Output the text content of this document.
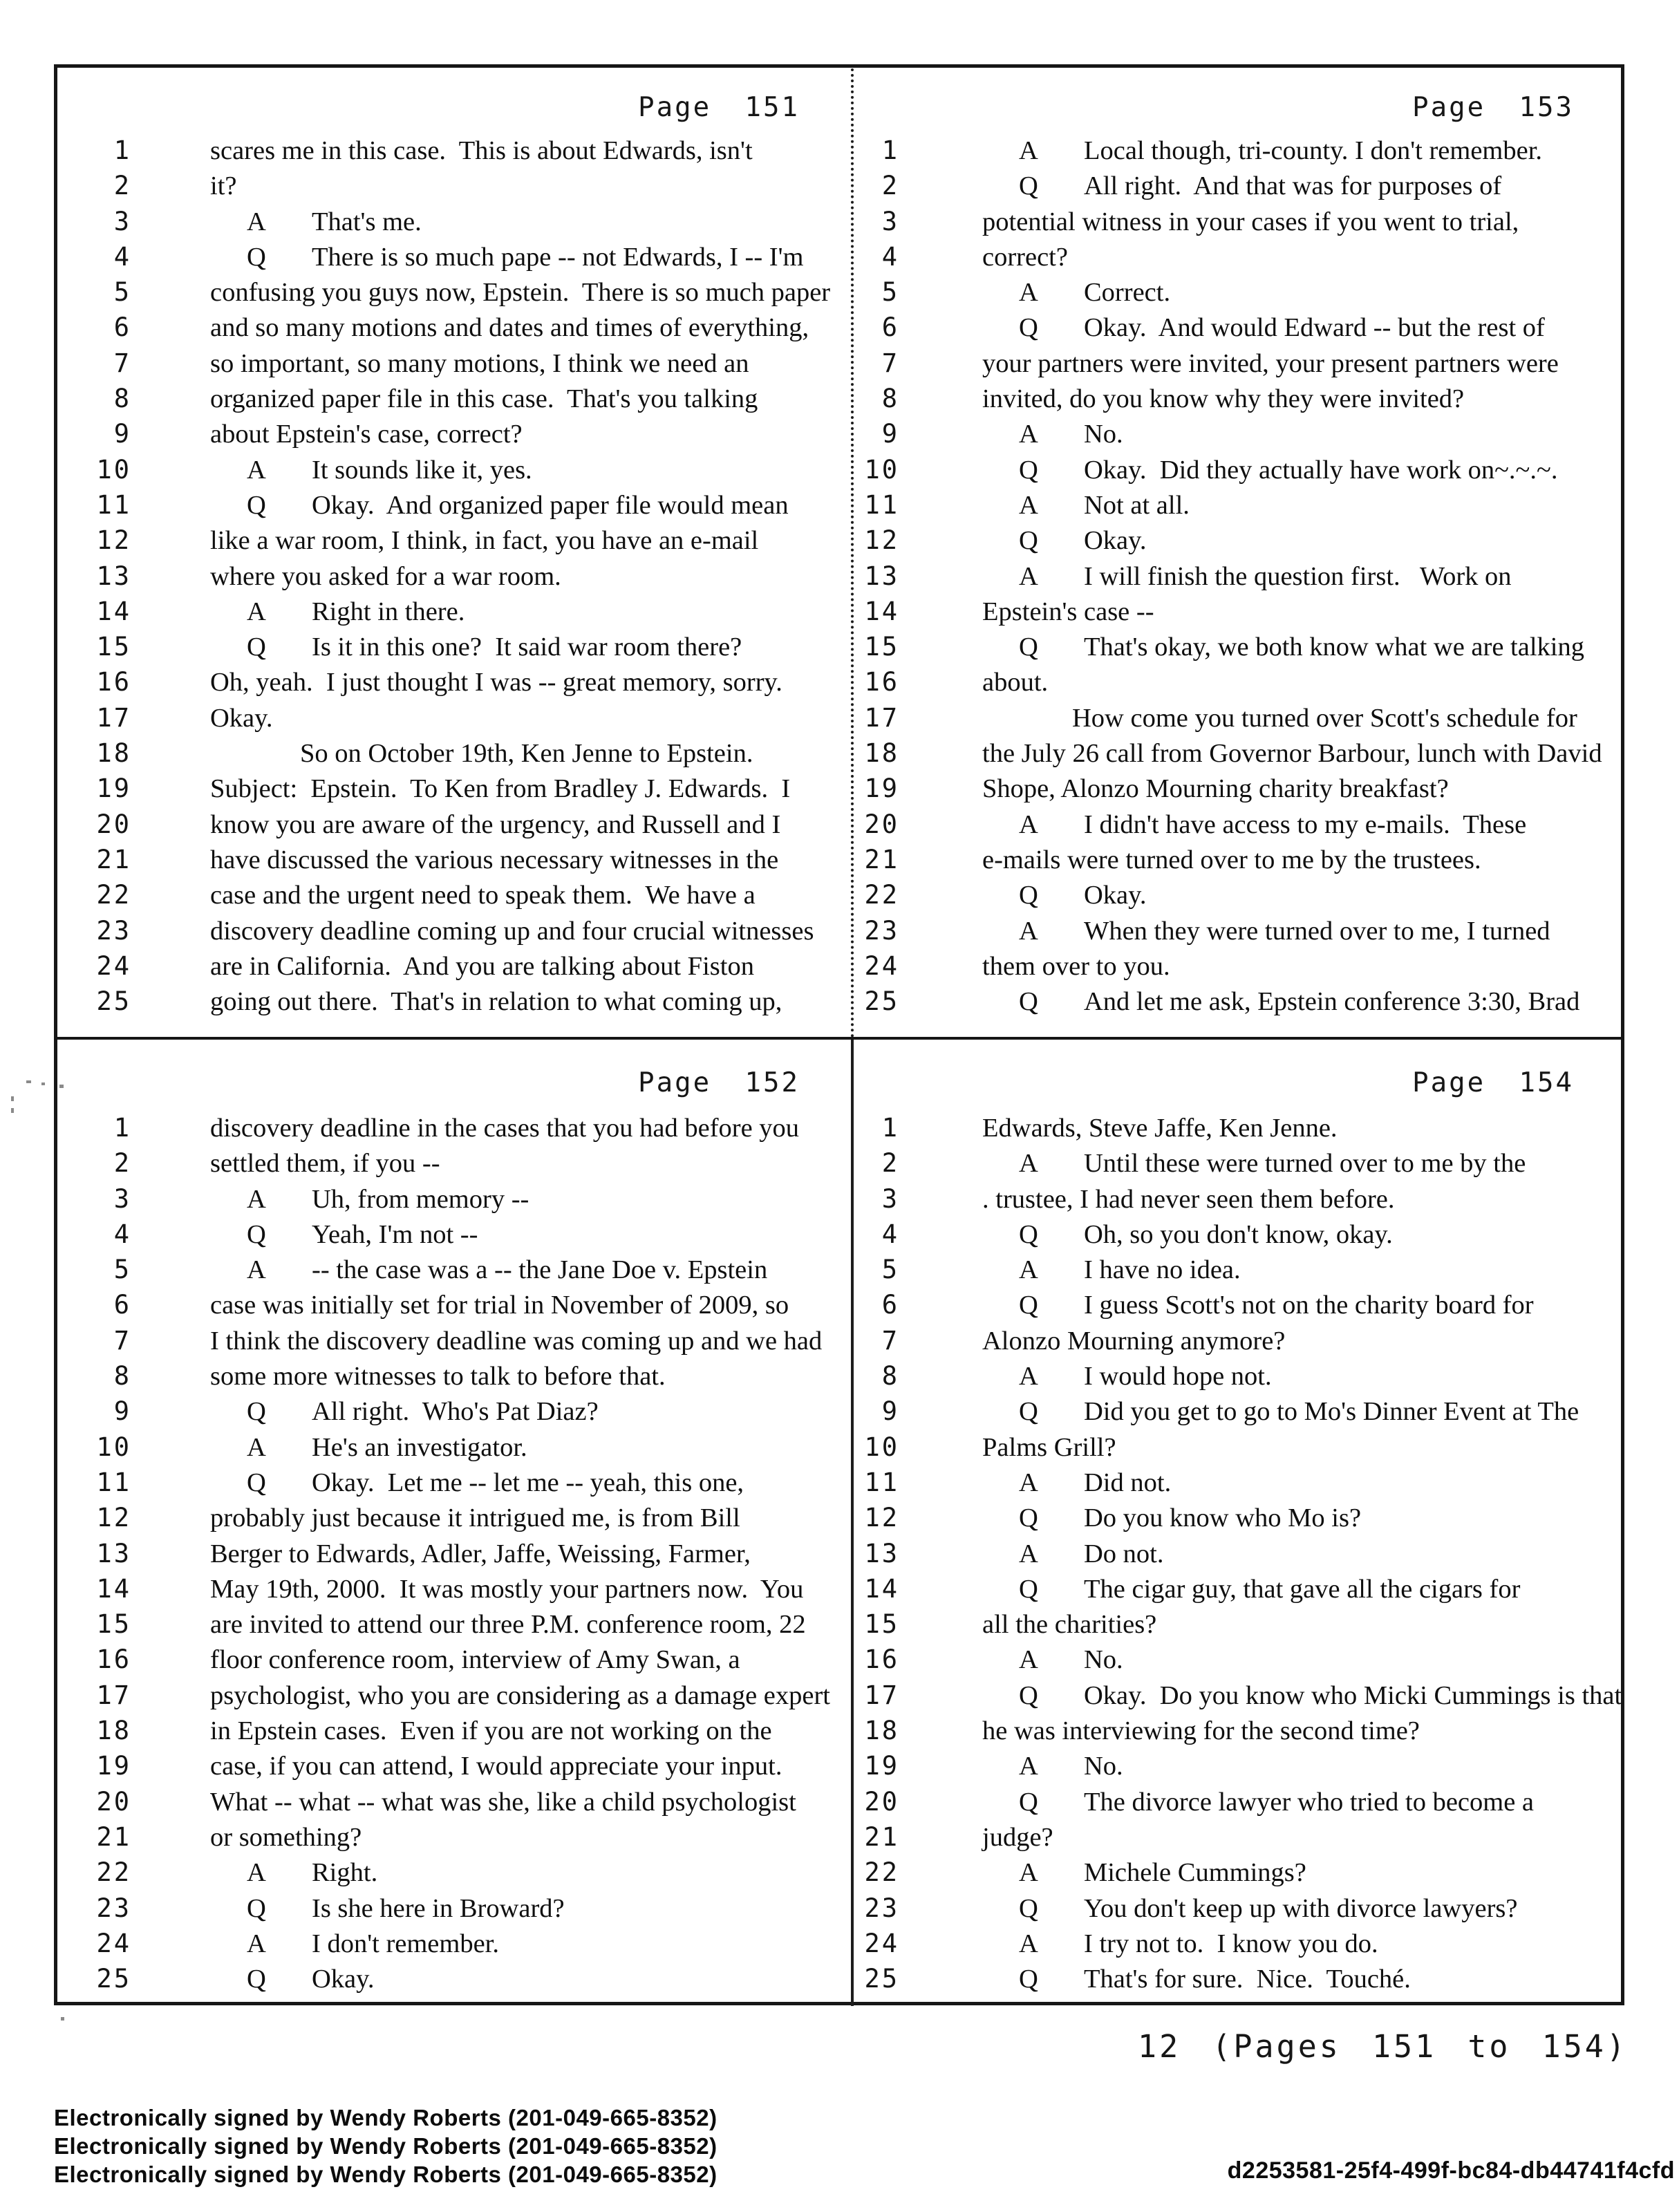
Page 151
1	scares me in this case.  This is about Edwards, isn't
2	it?
3	A That's me.
4	Q There is so much pape -- not Edwards, I -- I'm
5	confusing you guys now, Epstein.  There is so much paper
6	and so many motions and dates and times of everything,
7	so important, so many motions, I think we need an
8	organized paper file in this case.  That's you talking
9	about Epstein's case, correct?
10	A It sounds like it, yes.
11	Q Okay.  And organized paper file would mean
12	like a war room, I think, in fact, you have an e-mail
13	where you asked for a war room.
14	A Right in there.
15	Q Is it in this one?  It said war room there?
16	Oh, yeah.  I just thought I was -- great memory, sorry.
17	Okay.
18	So on October 19th, Ken Jenne to Epstein.
19	Subject:  Epstein.  To Ken from Bradley J. Edwards.  I
20	know you are aware of the urgency, and Russell and I
21	have discussed the various necessary witnesses in the
22	case and the urgent need to speak them.  We have a
23	discovery deadline coming up and four crucial witnesses
24	are in California.  And you are talking about Fiston
25	going out there.  That's in relation to what coming up,
Page 153
1	A Local though, tri-county. I don't remember.
2	Q All right.  And that was for purposes of
3	potential witness in your cases if you went to trial,
4	correct?
5	A Correct.
6	Q Okay.  And would Edward -- but the rest of
7	your partners were invited, your present partners were
8	invited, do you know why they were invited?
9	A No.
10	Q Okay.  Did they actually have work on~.~.~.
11	A Not at all.
12	Q Okay.
13	A I will finish the question first.   Work on
14	Epstein's case --
15	Q That's okay, we both know what we are talking
16	about.
17	How come you turned over Scott's schedule for
18	the July 26 call from Governor Barbour, lunch with David
19	Shope, Alonzo Mourning charity breakfast?
20	A I didn't have access to my e-mails.  These
21	e-mails were turned over to me by the trustees.
22	Q Okay.
23	A When they were turned over to me, I turned
24	them over to you.
25	Q And let me ask, Epstein conference 3:30, Brad
Page 152
1	discovery deadline in the cases that you had before you
2	settled them, if you --
3	A Uh, from memory --
4	Q Yeah, I'm not --
5	A -- the case was a -- the Jane Doe v. Epstein
6	case was initially set for trial in November of 2009, so
7	I think the discovery deadline was coming up and we had
8	some more witnesses to talk to before that.
9	Q All right.  Who's Pat Diaz?
10	A He's an investigator.
11	Q Okay.  Let me -- let me -- yeah, this one,
12	probably just because it intrigued me, is from Bill
13	Berger to Edwards, Adler, Jaffe, Weissing, Farmer,
14	May 19th, 2000.  It was mostly your partners now.  You
15	are invited to attend our three P.M. conference room, 22
16	floor conference room, interview of Amy Swan, a
17	psychologist, who you are considering as a damage expert
18	in Epstein cases.  Even if you are not working on the
19	case, if you can attend, I would appreciate your input.
20	What -- what -- what was she, like a child psychologist
21	or something?
22	A Right.
23	Q Is she here in Broward?
24	A I don't remember.
25	Q Okay.
Page 154
1	Edwards, Steve Jaffe, Ken Jenne.
2	A Until these were turned over to me by the
3	. trustee, I had never seen them before.
4	Q Oh, so you don't know, okay.
5	A I have no idea.
6	Q I guess Scott's not on the charity board for
7	Alonzo Mourning anymore?
8	A I would hope not.
9	Q Did you get to go to Mo's Dinner Event at The
10	Palms Grill?
11	A Did not.
12	Q Do you know who Mo is?
13	A Do not.
14	Q The cigar guy, that gave all the cigars for
15	all the charities?
16	A No.
17	Q Okay.  Do you know who Micki Cummings is that
18	he was interviewing for the second time?
19	A No.
20	Q The divorce lawyer who tried to become a
21	judge?
22	A Michele Cummings?
23	Q You don't keep up with divorce lawyers?
24	A I try not to.  I know you do.
25	Q That's for sure.  Nice.  Touché.
12 (Pages 151 to 154)
Electronically signed by Wendy Roberts (201-049-665-8352)
Electronically signed by Wendy Roberts (201-049-665-8352)
Electronically signed by Wendy Roberts (201-049-665-8352)	d2253581-25f4-499f-bc84-db44741f4cfd
